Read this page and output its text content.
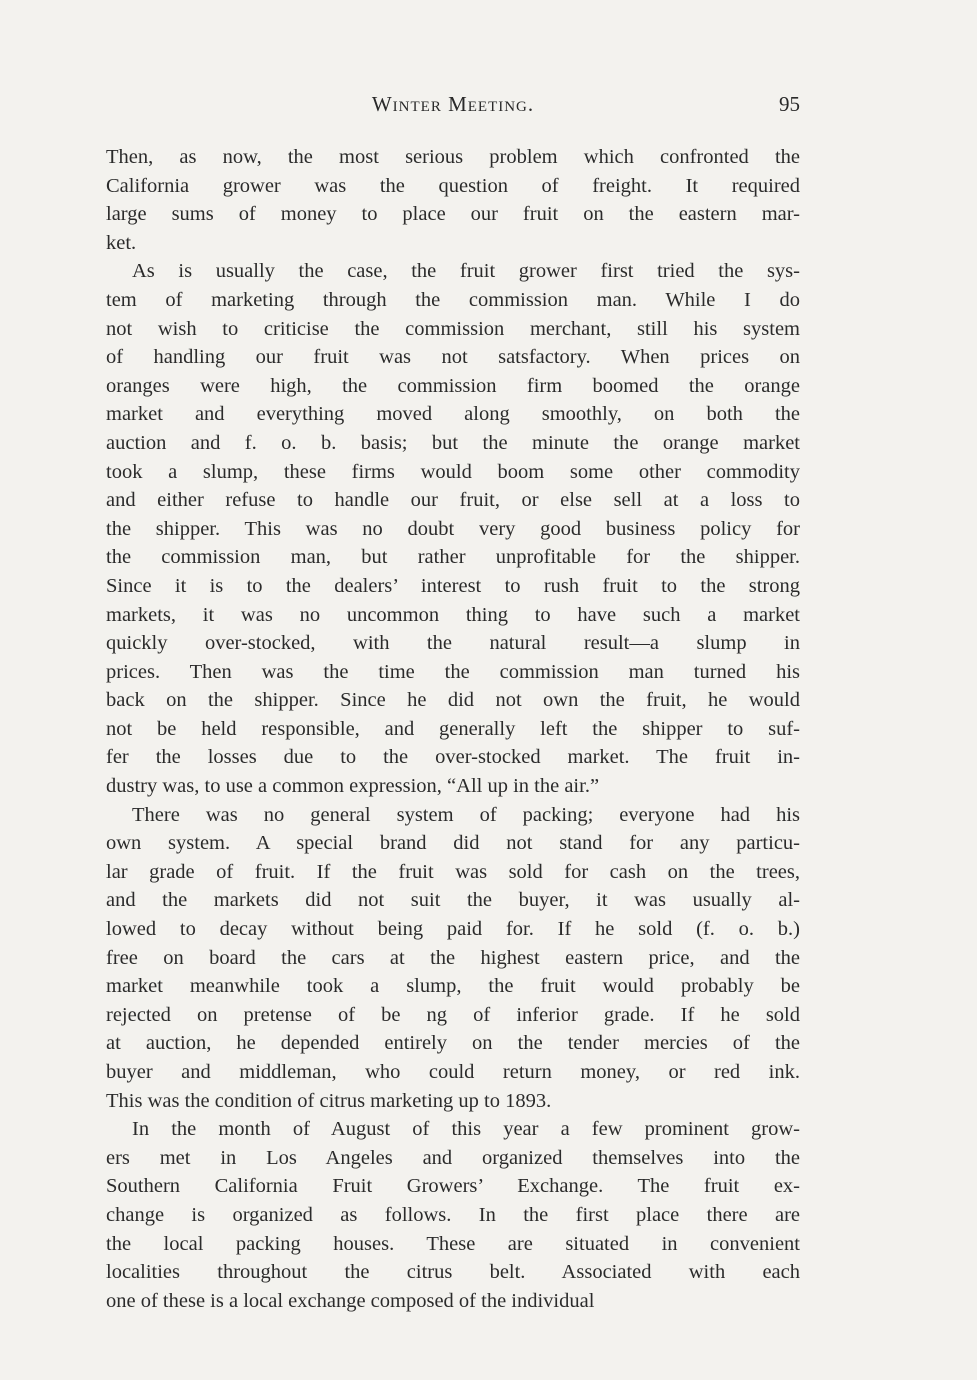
Winter Meeting.	95
Then, as now, the most serious problem which confronted the
California grower was the question of freight. It required
large sums of money to place our fruit on the eastern mar-
ket.
As is usually the case, the fruit grower first tried the sys-
tem of marketing through the commission man. While I do
not wish to criticise the commission merchant, still his system
of handling our fruit was not satsfactory. When prices on
oranges were high, the commission firm boomed the orange
market and everything moved along smoothly, on both the
auction and f. o. b. basis; but the minute the orange market
took a slump, these firms would boom some other commodity
and either refuse to handle our fruit, or else sell at a loss to
the shipper. This was no doubt very good business policy for
the commission man, but rather unprofitable for the shipper.
Since it is to the dealers’ interest to rush fruit to the strong
markets, it was no uncommon thing to have such a market
quickly over-stocked, with the natural result—a slump in
prices. Then was the time the commission man turned his
back on the shipper. Since he did not own the fruit, he would
not be held responsible, and generally left the shipper to suf-
fer the losses due to the over-stocked market. The fruit in-
dustry was, to use a common expression, “All up in the air.”
There was no general system of packing; everyone had his
own system. A special brand did not stand for any particu-
lar grade of fruit. If the fruit was sold for cash on the trees,
and the markets did not suit the buyer, it was usually al-
lowed to decay without being paid for. If he sold (f. o. b.)
free on board the cars at the highest eastern price, and the
market meanwhile took a slump, the fruit would probably be
rejected on pretense of be ng of inferior grade. If he sold
at auction, he depended entirely on the tender mercies of the
buyer and middleman, who could return money, or red ink.
This was the condition of citrus marketing up to 1893.
In the month of August of this year a few prominent grow-
ers met in Los Angeles and organized themselves into the
Southern California Fruit Growers’ Exchange. The fruit ex-
change is organized as follows. In the first place there are
the local packing houses. These are situated in convenient
localities throughout the citrus belt. Associated with each
one of these is a local exchange composed of the individual
